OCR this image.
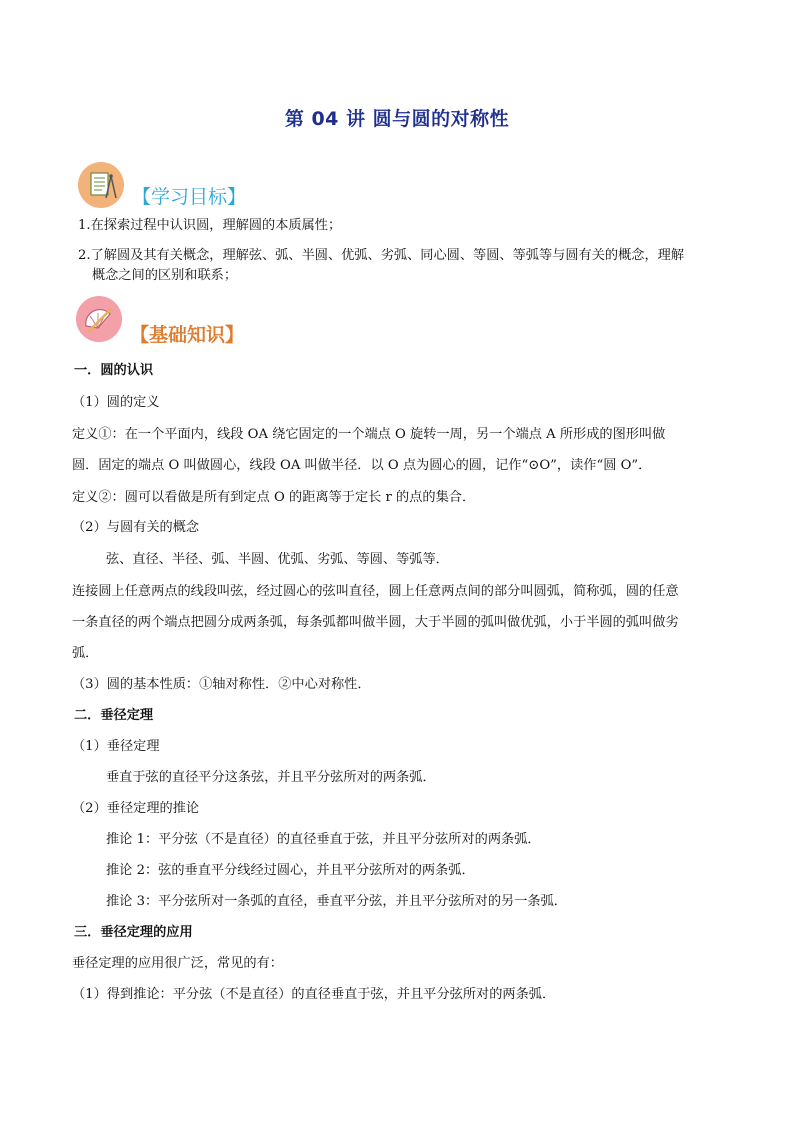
第 04 讲 圆与圆的对称性
【学习目标】
1.在探索过程中认识圆，理解圆的本质属性；
2.了解圆及其有关概念，理解弦、弧、半圆、优弧、劣弧、同心圆、等圆、等弧等与圆有关的概念，理解
概念之间的区别和联系；
【基础知识】
一．圆的认识
（1）圆的定义
定义①：在一个平面内，线段 OA 绕它固定的一个端点 O 旋转一周，另一个端点 A 所形成的图形叫做
圆．固定的端点 O 叫做圆心，线段 OA 叫做半径．以 O 点为圆心的圆，记作“⊙O”，读作“圆 O”．
定义②：圆可以看做是所有到定点 O 的距离等于定长 r 的点的集合．
（2）与圆有关的概念
弦、直径、半径、弧、半圆、优弧、劣弧、等圆、等弧等．
连接圆上任意两点的线段叫弦，经过圆心的弦叫直径，圆上任意两点间的部分叫圆弧，简称弧，圆的任意
一条直径的两个端点把圆分成两条弧，每条弧都叫做半圆，大于半圆的弧叫做优弧，小于半圆的弧叫做劣
弧．
（3）圆的基本性质：①轴对称性．②中心对称性．
二．垂径定理
（1）垂径定理
垂直于弦的直径平分这条弦，并且平分弦所对的两条弧．
（2）垂径定理的推论
推论 1：平分弦（不是直径）的直径垂直于弦，并且平分弦所对的两条弧．
推论 2：弦的垂直平分线经过圆心，并且平分弦所对的两条弧．
推论 3：平分弦所对一条弧的直径，垂直平分弦，并且平分弦所对的另一条弧．
三．垂径定理的应用
垂径定理的应用很广泛，常见的有：
（1）得到推论：平分弦（不是直径）的直径垂直于弦，并且平分弦所对的两条弧．
